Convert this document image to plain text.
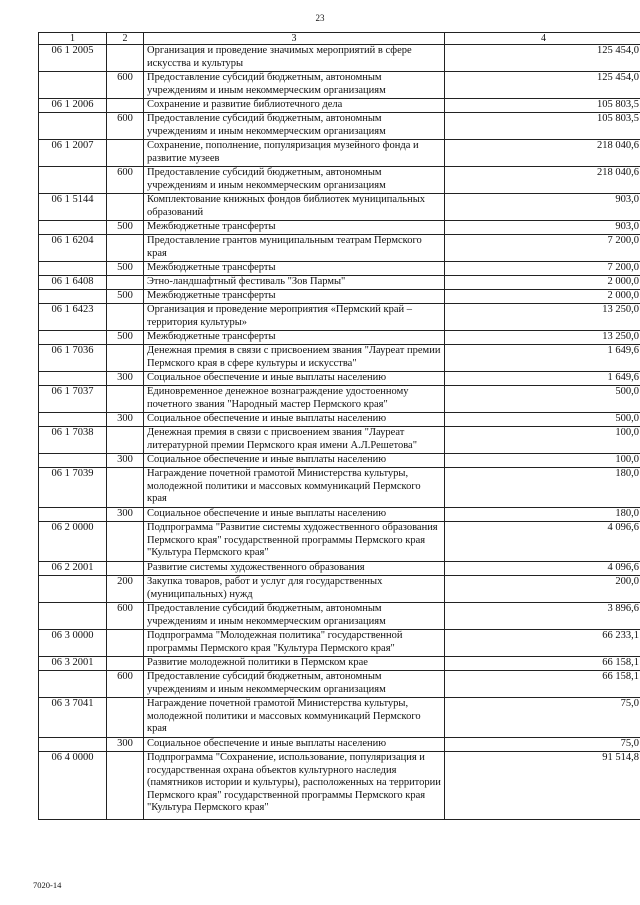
23
1	2	3	4
06 1 2005		Организация и проведение значимых мероприятий в сфере искусства и культуры	125 454,0
	600	Предоставление субсидий бюджетным, автономным учреждениям и иным некоммерческим организациям	125 454,0
06 1 2006		Сохранение и развитие библиотечного дела	105 803,5
	600	Предоставление субсидий бюджетным, автономным учреждениям и иным некоммерческим организациям	105 803,5
06 1 2007		Сохранение, пополнение, популяризация музейного фонда и развитие музеев	218 040,6
	600	Предоставление субсидий бюджетным, автономным учреждениям и иным некоммерческим организациям	218 040,6
06 1 5144		Комплектование книжных фондов библиотек муниципальных образований	903,0
	500	Межбюджетные трансферты	903,0
06 1 6204		Предоставление грантов муниципальным театрам Пермского края	7 200,0
	500	Межбюджетные трансферты	7 200,0
06 1 6408		Этно-ландшафтный фестиваль "Зов Пармы"	2 000,0
	500	Межбюджетные трансферты	2 000,0
06 1 6423		Организация и проведение мероприятия «Пермский край – территория культуры»	13 250,0
	500	Межбюджетные трансферты	13 250,0
06 1 7036		Денежная премия в связи с присвоением звания "Лауреат премии Пермского края в сфере культуры и искусства"	1 649,6
	300	Социальное обеспечение и иные выплаты населению	1 649,6
06 1 7037		Единовременное денежное вознаграждение удостоенному почетного звания "Народный мастер Пермского края"	500,0
	300	Социальное обеспечение и иные выплаты населению	500,0
06 1 7038		Денежная премия в связи с присвоением звания "Лауреат литературной премии Пермского края имени А.Л.Решетова"	100,0
	300	Социальное обеспечение и иные выплаты населению	100,0
06 1 7039		Награждение почетной грамотой Министерства культуры, молодежной политики и массовых коммуникаций Пермского края	180,0
	300	Социальное обеспечение и иные выплаты населению	180,0
06 2 0000		Подпрограмма "Развитие системы художественного образования Пермского края" государственной программы Пермского края "Культура Пермского края"	4 096,6
06 2 2001		Развитие системы художественного образования	4 096,6
	200	Закупка товаров, работ и услуг для государственных (муниципальных) нужд	200,0
	600	Предоставление субсидий бюджетным, автономным учреждениям и иным некоммерческим организациям	3 896,6
06 3 0000		Подпрограмма "Молодежная политика" государственной программы Пермского края "Культура Пермского края"	66 233,1
06 3 2001		Развитие молодежной политики в Пермском крае	66 158,1
	600	Предоставление субсидий бюджетным, автономным учреждениям и иным некоммерческим организациям	66 158,1
06 3 7041		Награждение почетной грамотой Министерства культуры, молодежной политики и массовых коммуникаций Пермского края	75,0
	300	Социальное обеспечение и иные выплаты населению	75,0
06 4 0000		Подпрограмма "Сохранение, использование, популяризация и государственная охрана объектов культурного наследия (памятников истории и культуры), расположенных на территории Пермского края" государственной программы Пермского края "Культура Пермского края"	91 514,8
7020-14
